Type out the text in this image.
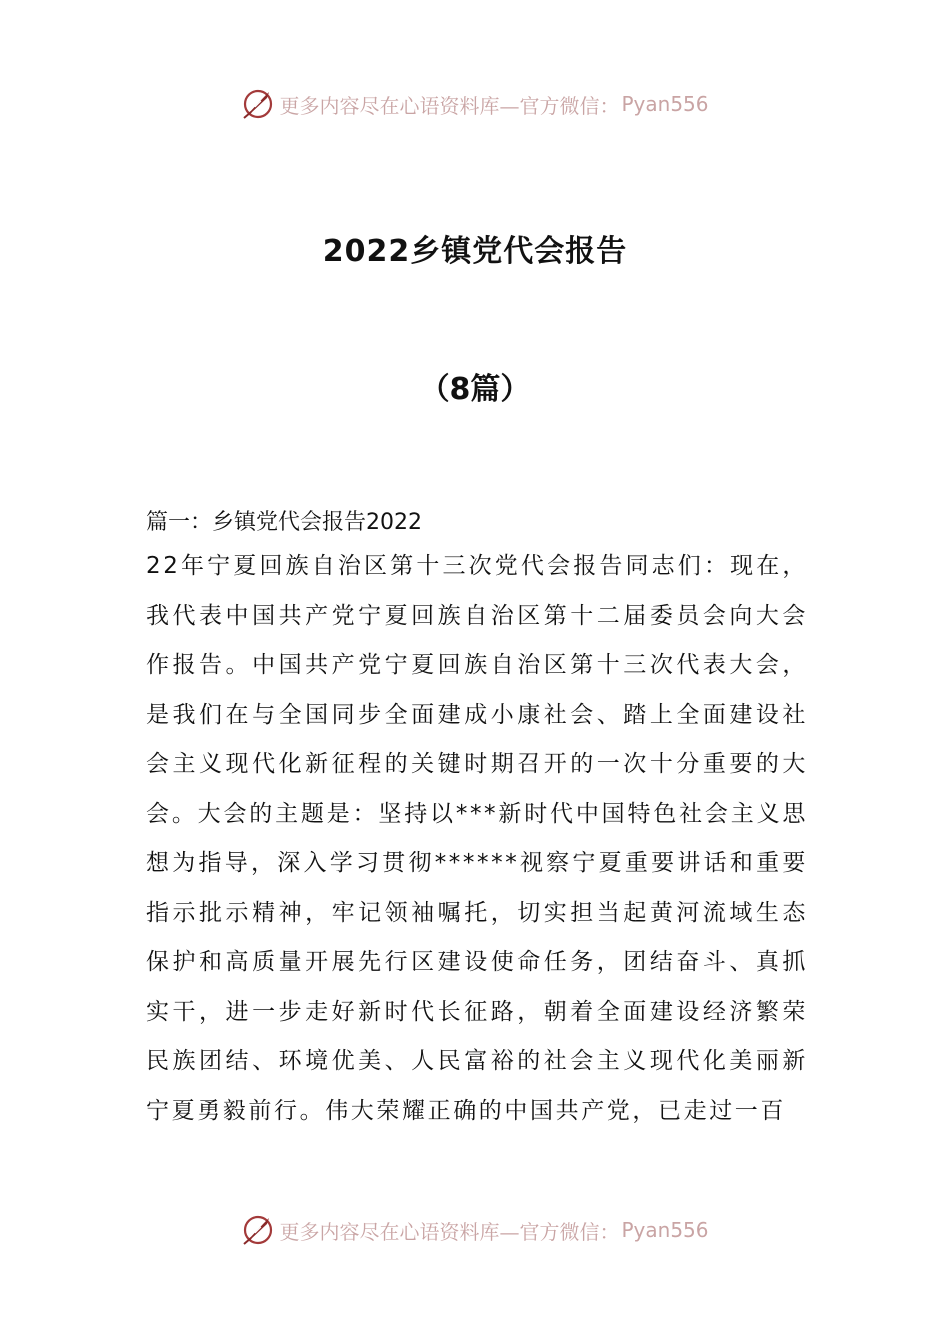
更多内容尽在心语资料库—官方微信： Pyan556
2022乡镇党代会报告
（8篇）

篇一：乡镇党代会报告2022

22年宁夏回族自治区第十三次党代会报告同志们：现在，我代表中国共产党宁夏回族自治区第十二届委员会向大会作报告。中国共产党宁夏回族自治区第十三次代表大会，是我们在与全国同步全面建成小康社会、踏上全面建设社会主义现代化新征程的关键时期召开的一次十分重要的大会。大会的主题是：坚持以***新时代中国特色社会主义思想为指导，深入学习贯彻******视察宁夏重要讲话和重要指示批示精神，牢记领袖嘱托，切实担当起黄河流域生态保护和高质量开展先行区建设使命任务，团结奋斗、真抓实干，进一步走好新时代长征路，朝着全面建设经济繁荣民族团结、环境优美、人民富裕的社会主义现代化美丽新宁夏勇毅前行。伟大荣耀正确的中国共产党，已走过一百

更多内容尽在心语资料库—官方微信： Pyan556
